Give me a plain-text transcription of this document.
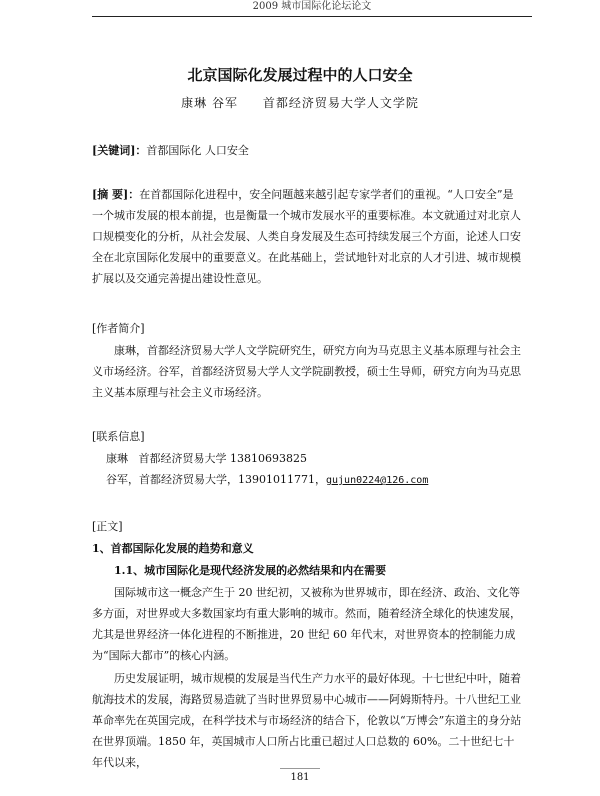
2009 城市国际化论坛论文
北京国际化发展过程中的人口安全
康琳 谷军 首都经济贸易大学人文学院
[关键词]：首都国际化 人口安全
[摘 要]：在首都国际化进程中，安全问题越来越引起专家学者们的重视。“人口安全”是一个城市发展的根本前提，也是衡量一个城市发展水平的重要标准。本文就通过对北京人口规模变化的分析，从社会发展、人类自身发展及生态可持续发展三个方面，论述人口安全在北京国际化发展中的重要意义。在此基础上，尝试地针对北京的人才引进、城市规模扩展以及交通完善提出建设性意见。
[作者简介]
康琳，首都经济贸易大学人文学院研究生，研究方向为马克思主义基本原理与社会主义市场经济。谷军，首都经济贸易大学人文学院副教授，硕士生导师，研究方向为马克思主义基本原理与社会主义市场经济。
[联系信息]
康琳 首都经济贸易大学 13810693825
谷军，首都经济贸易大学，13901011771，gujun0224@126.com
[正文]
1、首都国际化发展的趋势和意义
1.1、城市国际化是现代经济发展的必然结果和内在需要
国际城市这一概念产生于 20 世纪初，又被称为世界城市，即在经济、政治、文化等多方面，对世界或大多数国家均有重大影响的城市。然而，随着经济全球化的快速发展，尤其是世界经济一体化进程的不断推进，20 世纪 60 年代末，对世界资本的控制能力成为“国际大都市”的核心内涵。
历史发展证明，城市规模的发展是当代生产力水平的最好体现。十七世纪中叶，随着航海技术的发展，海路贸易造就了当时世界贸易中心城市——阿姆斯特丹。十八世纪工业革命率先在英国完成，在科学技术与市场经济的结合下，伦敦以“万博会”东道主的身分站在世界顶端。1850 年，英国城市人口所占比重已超过人口总数的 60%。二十世纪七十年代以来，
181
